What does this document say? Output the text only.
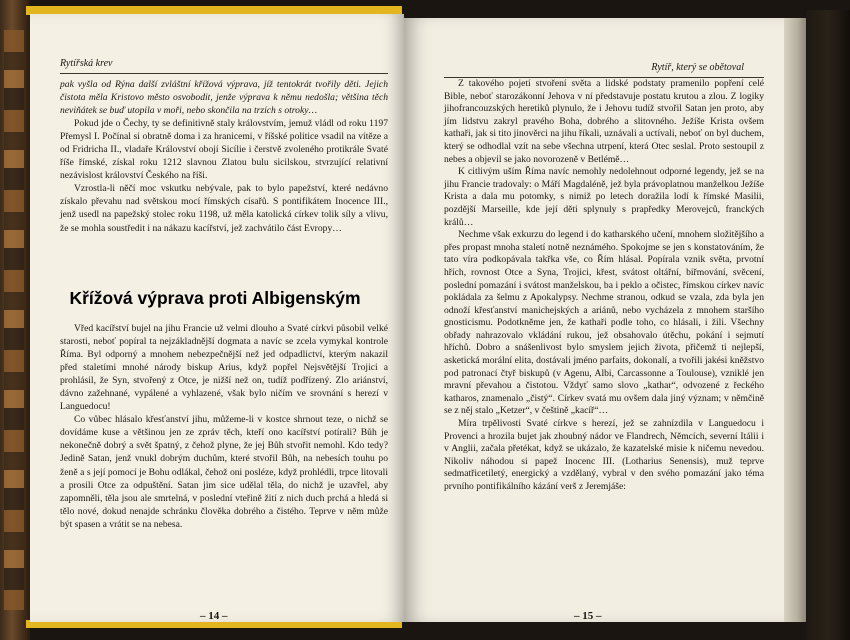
Rytířská krev

pak vyšla od Rýna další zvláštní křížová výprava, jíž tentokrát tvořily děti. Jejich čistota měla Kristovo město osvobodit, jenže výprava k němu nedošla; většina těch neviňátek se buď utopila v moři, nebo skončila na trzích s otroky…

Pokud jde o Čechy, ty se definitivně staly královstvím, jemuž vládl od roku 1197 Přemysl I. Počínal si obratně doma i za hranicemi, v říšské politice vsadil na vítěze a od Fridricha II., vladaře Království obojí Sicílie i čerstvě zvoleného protikrále Svaté říše římské, získal roku 1212 slavnou Zlatou bulu sicilskou, stvrzující relativní nezávislost království Českého na říši.

Vzrostla-li něčí moc vskutku nebývale, pak to bylo papežství, které nedávno získalo převahu nad světskou mocí římských císařů. S pontifikátem Inocence III., jenž usedl na papežský stolec roku 1198, už měla katolická církev tolik síly a vlivu, že se mohla soustředit i na nákazu kacířství, jež zachvátilo část Evropy…

Vřed kacířství bujel na jihu Francie už velmi dlouho a Svaté církvi působil velké starosti, neboť popíral ta nejzákladnější dogmata a navíc se zcela vymykal kontrole Říma. Byl odporný a mnohem nebezpečnější než jed odpadlictví, kterým nakazil před staletími mnohé národy biskup Arius, když popřel Nejsvětější Trojici a prohlásil, že Syn, stvořený z Otce, je nižší než on, tudíž podřízený. Zlo ariánství, dávno zažehnané, vypálené a vyhlazené, však bylo ničím ve srovnání s herezí v Languedocu!

Co vůbec hlásalo křesťanství jihu, můžeme-li v kostce shrnout teze, o nichž se dovídáme kuse a většinou jen ze zpráv těch, kteří ono kacířství potírali? Bůh je nekonečně dobrý a svět špatný, z čehož plyne, že jej Bůh stvořit nemohl. Kdo tedy? Jedině Satan, jenž vnukl dobrým duchům, které stvořil Bůh, na nebesích touhu po ženě a s její pomocí je Bohu odlákal, čehož oni posléze, když prohlédli, trpce litovali a prosili Otce za odpuštění. Satan jim sice udělal těla, do nichž je uzavřel, aby zapomněli, těla jsou ale smrtelná, v poslední vteřině žití z nich duch prchá a hledá si tělo nové, dokud nenajde schránku člověka dobrého a čistého. Teprve v něm může být spasen a vrátit se na nebesa.

– 14 –
Křížová výprava proti Albigenským
Rytíř, který se obětoval

Z takového pojetí stvoření světa a lidské podstaty pramenilo popření celé Bible, neboť starozákonní Jehova v ní představuje postatu krutou a zlou. Z logiky jihofrancouzských heretiků plynulo, že i Jehovu tudíž stvořil Satan jen proto, aby jím lidstvu zakryl pravého Boha, dobrého a slitovného. Ježíše Krista ovšem kathaři, jak si tito jinověrci na jihu říkali, uznávali a uctívali, neboť on byl duchem, který se odhodlal vzít na sebe všechna utrpení, která Otec seslal. Proto sestoupil z nebes a objevil se jako novorozeně v Betlémě…

K citlivým uším Říma navíc nemohly nedolehnout odporné legendy, jež se na jihu Francie tradovaly: o Máří Magdaléně, jež byla právoplatnou manželkou Ježíše Krista a dala mu potomky, s nimiž po letech doražila lodí k římské Masilii, pozdější Marseille, kde její děti splynuly s prapředky Merovejců, franckých králů…

Nechme však exkurzu do legend i do katharského učení, mnohem složitějšího a přes propast mnoha staletí notně neznámého. Spokojme se jen s konstatováním, že tato víra podkopávala takřka vše, co Řím hlásal. Popírala vznik světa, prvotní hřích, rovnost Otce a Syna, Trojici, křest, svátost oltářní, biřmování, svěcení, poslední pomazání i svátost manželskou, ba i peklo a očistec, římskou církev navíc pokládala za šelmu z Apokalypsy. Nechme stranou, odkud se vzala, zda byla jen odnoží křesťanství manichejských a ariánů, nebo vycházela z mnohem staršího gnosticismu. Podotkněme jen, že kathaři podle toho, co hlásali, i žili. Všechny obřady nahrazovalo vkládání rukou, jež obsahovalo útěchu, pokání i sejmutí hříchů. Dobro a snášenlivost bylo smyslem jejich života, přičemž ti nejlepší, asketická morální elita, dostávali jméno parfaits, dokonalí, a tvořili jakési kněžstvo pod patronací čtyř biskupů (v Agenu, Albi, Carcassonne a Toulouse), vzniklé jen mravní převahou a čistotou. Vždyť samo slovo „kathar“, odvozené z řeckého katharos, znamenalo „čistý“. Církev svatá mu ovšem dala jiný význam; v němčině se z něj stalo „Ketzer“, v češtině „kacíř“…

Míra trpělivosti Svaté církve s herezí, jež se zahnízdila v Languedocu i Provenci a hrozila bujet jak zhoubný nádor ve Flandrech, Němcích, severní Itálii i v Anglii, začala přetékat, když se ukázalo, že kazatelské misie k ničemu nevedou. Nikoliv náhodou si papež Inocenc III. (Lotharius Senensis), muž teprve sedmatřicetiletý, energický a vzdělaný, vybral v den svého pomazání jako téma prvního pontifikálního kázání verš z Jeremjáše:

– 15 –
